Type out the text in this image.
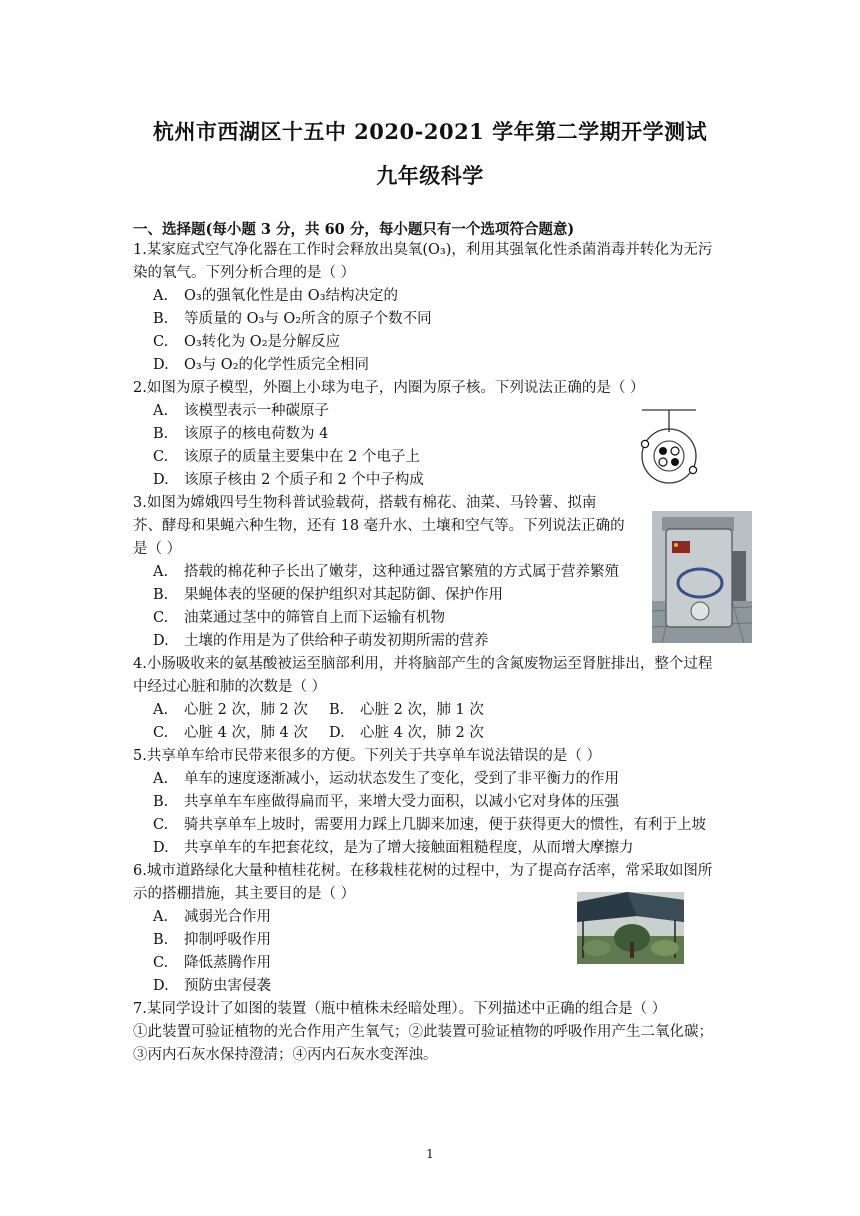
杭州市西湖区十五中 2020-2021 学年第二学期开学测试
九年级科学
一、选择题(每小题 3 分，共 60 分，每小题只有一个选项符合题意)
1.某家庭式空气净化器在工作时会释放出臭氧(O₃)，利用其强氧化性杀菌消毒并转化为无污
染的氧气。下列分析合理的是（ ）
A. O₃的强氧化性是由 O₃结构决定的
B. 等质量的 O₃与 O₂所含的原子个数不同
C. O₃转化为 O₂是分解反应
D. O₃与 O₂的化学性质完全相同
2.如图为原子模型，外圈上小球为电子，内圈为原子核。下列说法正确的是（ ）
A. 该模型表示一种碳原子
B. 该原子的核电荷数为 4
C. 该原子的质量主要集中在 2 个电子上
D. 该原子核由 2 个质子和 2 个中子构成
3.如图为嫦娥四号生物科普试验载荷，搭载有棉花、油菜、马铃薯、拟南
芥、酵母和果蝇六种生物，还有 18 毫升水、土壤和空气等。下列说法正确的
是（ ）
A. 搭载的棉花种子长出了嫩芽，这种通过器官繁殖的方式属于营养繁殖
B. 果蝇体表的坚硬的保护组织对其起防御、保护作用
C. 油菜通过茎中的筛管自上而下运输有机物
D. 土壤的作用是为了供给种子萌发初期所需的营养
4.小肠吸收来的氨基酸被运至脑部利用，并将脑部产生的含氮废物运至肾脏排出，整个过程
中经过心脏和肺的次数是（ ）
A. 心脏 2 次，肺 2 次 B. 心脏 2 次，肺 1 次
C. 心脏 4 次，肺 4 次 D. 心脏 4 次，肺 2 次
5.共享单车给市民带来很多的方便。下列关于共享单车说法错误的是（ ）
A. 单车的速度逐渐减小，运动状态发生了变化，受到了非平衡力的作用
B. 共享单车车座做得扁而平，来增大受力面积，以减小它对身体的压强
C. 骑共享单车上坡时，需要用力踩上几脚来加速，便于获得更大的惯性，有利于上坡
D. 共享单车的车把套花纹，是为了增大接触面粗糙程度，从而增大摩擦力
6.城市道路绿化大量种植桂花树。在移栽桂花树的过程中，为了提高存活率，常采取如图所
示的搭棚措施，其主要目的是（ ）
A. 减弱光合作用
B. 抑制呼吸作用
C. 降低蒸腾作用
D. 预防虫害侵袭
7.某同学设计了如图的装置（瓶中植株未经暗处理）。下列描述中正确的组合是（ ）
①此装置可验证植物的光合作用产生氧气；②此装置可验证植物的呼吸作用产生二氧化碳；
③丙内石灰水保持澄清；④丙内石灰水变浑浊。
1
